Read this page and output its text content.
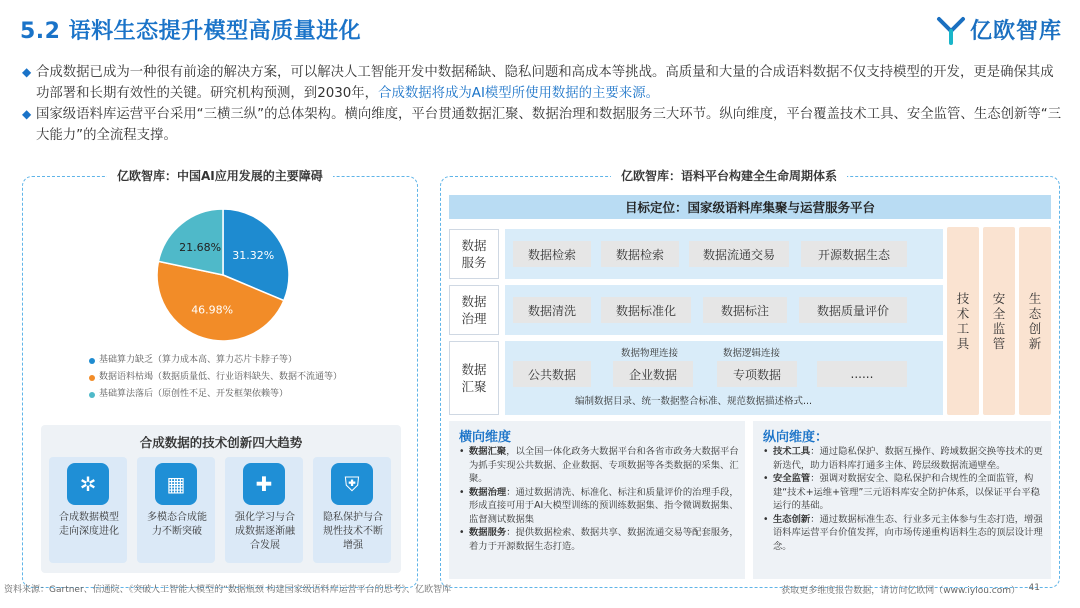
5.2 语料生态提升模型高质量进化	亿欧智库
◆ 合成数据已成为一种很有前途的解决方案，可以解决人工智能开发中数据稀缺、隐私问题和高成本等挑战。高质量和大量的合成语料数据不仅支持模型的开发，更是确保其成功部署和长期有效性的关键。研究机构预测，到2030年，合成数据将成为AI模型所使用数据的主要来源。
◆ 国家级语料库运营平台采用“三横三纵”的总体架构。横向维度，平台贯通数据汇聚、数据治理和数据服务三大环节。纵向维度，平台覆盖技术工具、安全监管、生态创新等“三大能力”的全流程支撑。
亿欧智库：中国AI应用发展的主要障碍
31.32%
46.98%
21.68%
基础算力缺乏（算力成本高、算力芯片卡脖子等）
数据语料枯竭（数据质量低、行业语料缺失、数据不流通等）
基础算法落后（原创性不足、开发框架依赖等）
合成数据的技术创新四大趋势
✲
合成数据模型走向深度进化
▦
多模态合成能力不断突破
✚
强化学习与合成数据逐渐融合发展
⛨
隐私保护与合规性技术不断增强
亿欧智库：语料平台构建全生命周期体系
目标定位：国家级语料库集聚与运营服务平台
数据服务
数据检索	数据检索	数据流通交易	开源数据生态
数据治理
数据清洗	数据标准化	数据标注	数据质量评价
数据汇聚
数据物理连接	数据逻辑连接
公共数据	企业数据	专项数据	......
编制数据目录、统一数据整合标准、规范数据描述格式...
技术工具
安全监管
生态创新
横向维度
• 数据汇聚，以全国一体化政务大数据平台和各省市政务大数据平台为抓手实现公共数据、企业数据、专项数据等各类数据的采集、汇聚。
• 数据治理：通过数据清洗、标准化、标注和质量评价的治理手段，形成直接可用于AI大模型训练的预训练数据集、指令微调数据集、监督测试数据集
• 数据服务：提供数据检索、数据共享、数据流通交易等配套服务，着力于开源数据生态打造。
纵向维度：
• 技术工具：通过隐私保护、数据互操作、跨域数据交换等技术的更新迭代，助力语料库打通多主体、跨层级数据流通壁垒。
• 安全监管：强调对数据安全、隐私保护和合规性的全面监管，构建“技术+运维+管理”三元语料库安全防护体系，以保证平台平稳运行的基础。
• 生态创新：通过数据标准生态、行业多元主体参与生态打造，增强语料库运营平台价值发挥，向市场传递重构语料生态的顶层设计理念。
资料来源：Gartner、信通院、《突破人工智能大模型的“数据瓶颈 构建国家级语料库运营平台的思考》、亿欧智库	获取更多维度报告数据，请访问亿欧网（www.iyiou.com） 41
